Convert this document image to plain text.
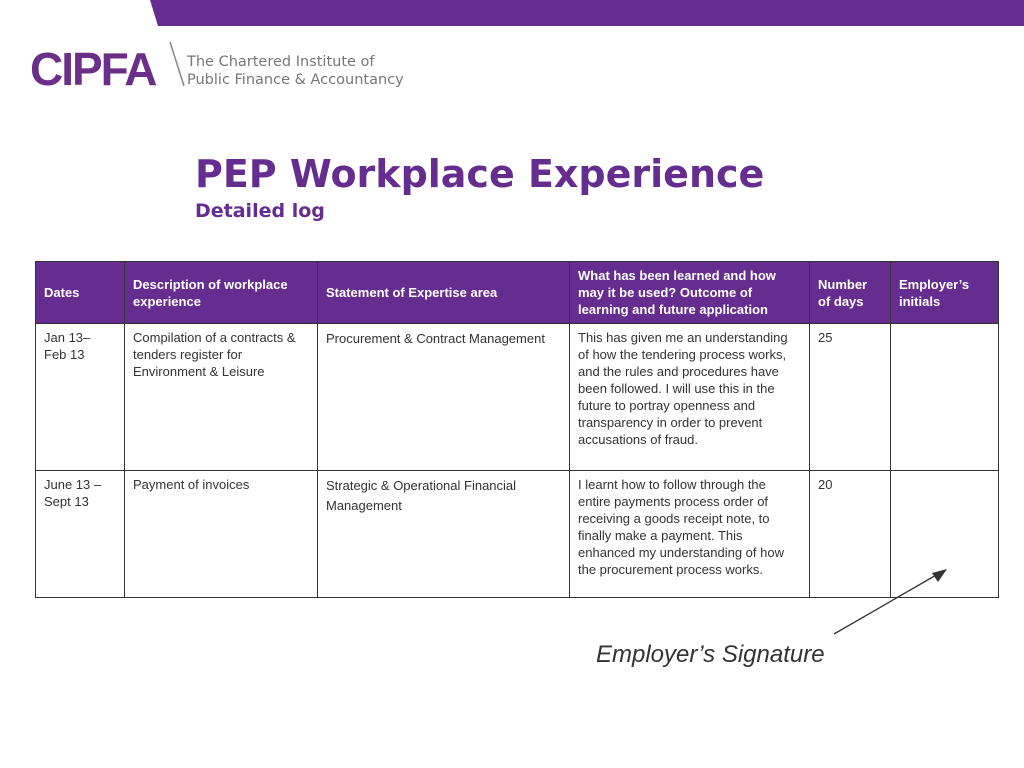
CIPFA The Chartered Institute of
Public Finance & Accountancy
PEP Workplace Experience
Detailed log
Dates	Description of workplace experience	Statement of Expertise area	What has been learned and how may it be used? Outcome of learning and future application	Number of days	Employer’s initials

Jan 13–
Feb 13	Compilation of a contracts & tenders register for Environment & Leisure	Procurement & Contract Management	This has given me an understanding of how the tendering process works, and the rules and procedures have been followed. I will use this in the future to portray openness and transparency in order to prevent accusations of fraud.	25	

June 13 –
Sept 13	Payment of invoices	Strategic & Operational Financial Management	I learnt how to follow through the entire payments process order of receiving a goods receipt note, to finally make a payment. This enhanced my understanding of how the procurement process works.	20	

Employer’s Signature
